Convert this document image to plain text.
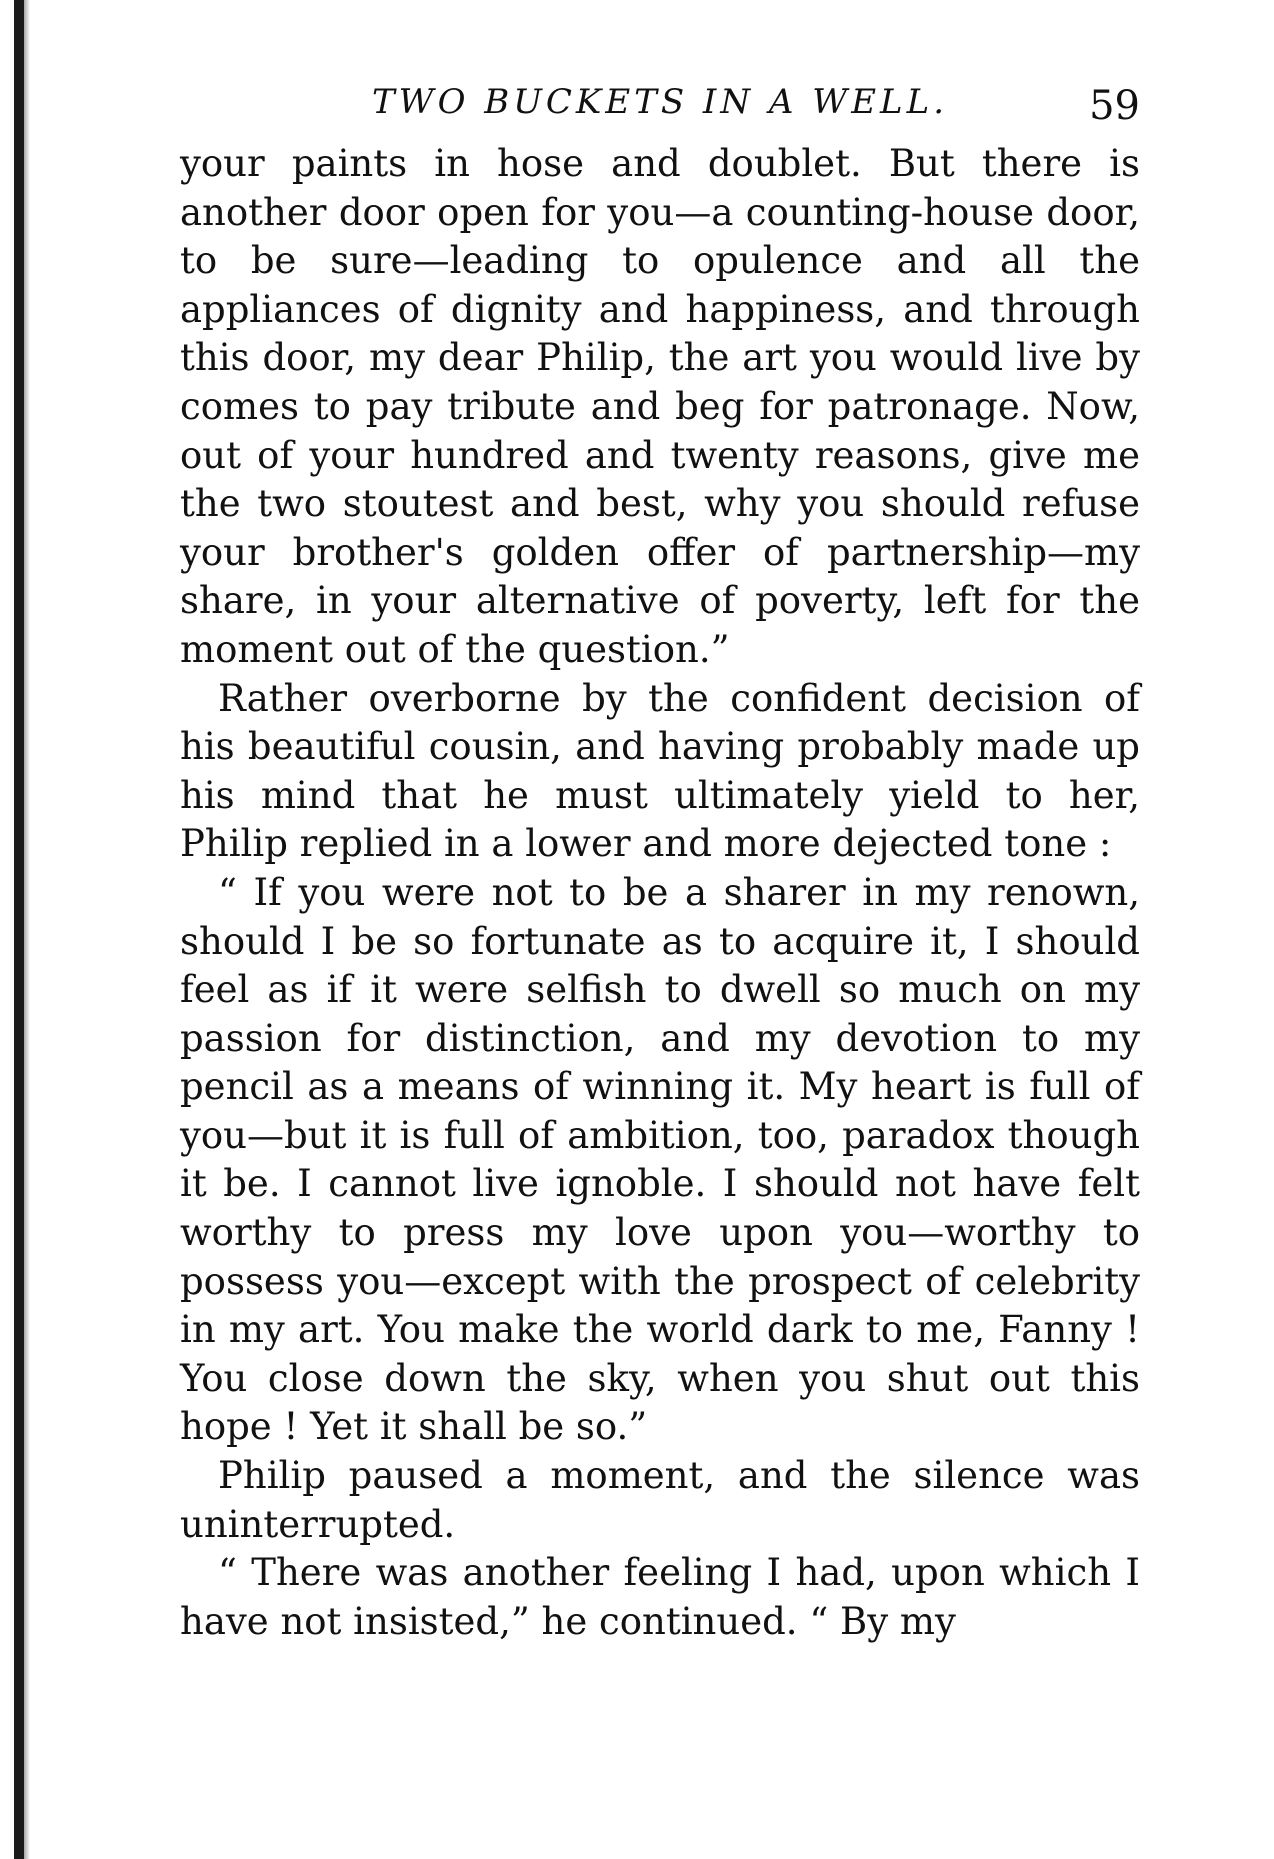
TWO BUCKETS IN A WELL.	59

your paints in hose and doublet. But there is another door open for you—a counting-house door, to be sure—leading to opulence and all the appliances of dignity and happiness, and through this door, my dear Philip, the art you would live by comes to pay tribute and beg for patronage. Now, out of your hundred and twenty reasons, give me the two stoutest and best, why you should refuse your brother's golden offer of partnership—my share, in your alternative of poverty, left for the moment out of the question.”

Rather overborne by the confident decision of his beautiful cousin, and having probably made up his mind that he must ultimately yield to her, Philip replied in a lower and more dejected tone :

“ If you were not to be a sharer in my renown, should I be so fortunate as to acquire it, I should feel as if it were selfish to dwell so much on my passion for distinction, and my devotion to my pencil as a means of winning it. My heart is full of you—but it is full of ambition, too, paradox though it be. I cannot live ignoble. I should not have felt worthy to press my love upon you—worthy to possess you—except with the prospect of celebrity in my art. You make the world dark to me, Fanny ! You close down the sky, when you shut out this hope ! Yet it shall be so.”

Philip paused a moment, and the silence was uninterrupted.

“ There was another feeling I had, upon which I have not insisted,” he continued. “ By my
